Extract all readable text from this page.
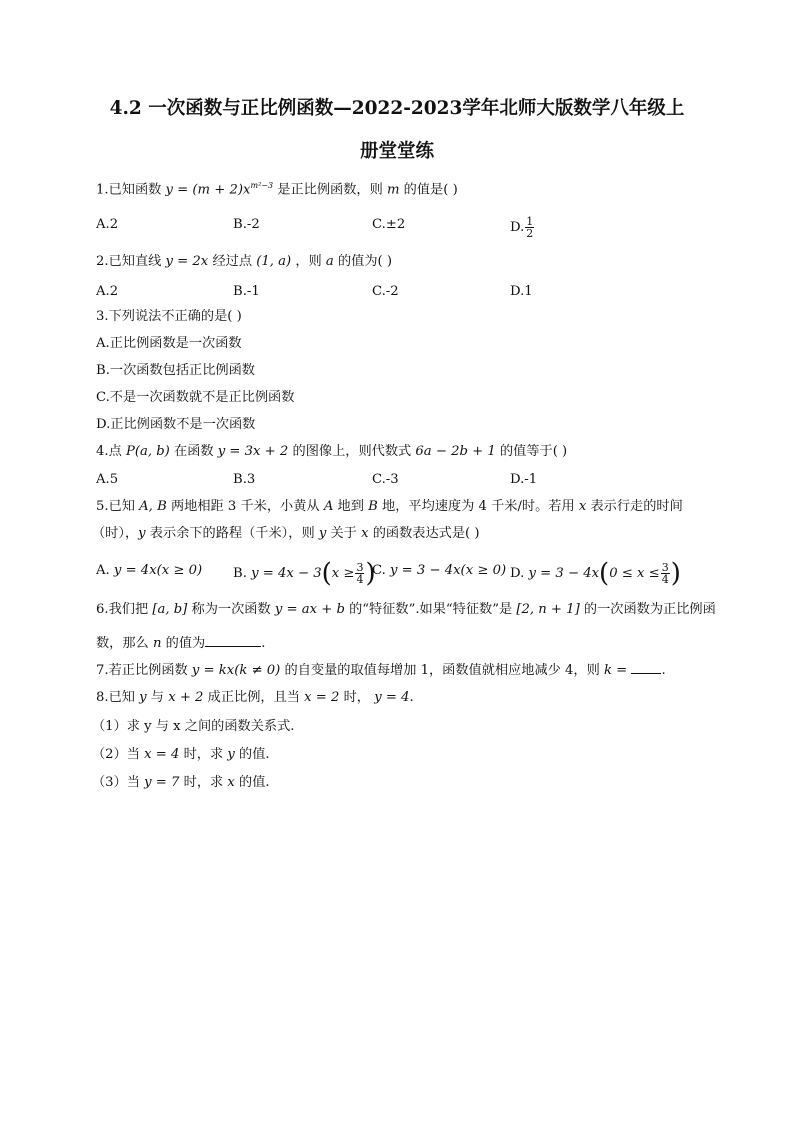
4.2 一次函数与正比例函数—2022-2023学年北师大版数学八年级上
册堂堂练
1.已知函数 $y = (m + 2)x^{m^2-3}$ 是正比例函数，则 m 的值是( )
A.2	B.-2	C.±2	D. $\frac{1}{2}$
2.已知直线 y = 2x 经过点 (1, a) ，则 a 的值为( )
A.2	B.-1	C.-2	D.1
3.下列说法不正确的是( )
A.正比例函数是一次函数
B.一次函数包括正比例函数
C.不是一次函数就不是正比例函数
D.正比例函数不是一次函数
4.点 P(a, b) 在函数 y = 3x + 2 的图像上，则代数式 6a − 2b + 1 的值等于( )
A.5	B.3	C.-3	D.-1
5.已知 A, B 两地相距 3 千米，小黄从 A 地到 B 地，平均速度为 4 千米/时。若用 x 表示行走的时间
（时），y 表示余下的路程（千米），则 y 关于 x 的函数表达式是( )
A. y = 4x(x ≥ 0) B. $y = 4x - 3(x \ge \frac{3}{4}$ )
C. y = 3 − 4x(x ≥ 0) D. $y = 3 - 4x(0 \le x \le \frac{3}{4}$ )
6.我们把 [a, b] 称为一次函数 y = ax + b 的“特征数”.如果“特征数”是 [2, n + 1] 的一次函数为正比例函
数，那么 n 的值为	.
7.若正比例函数 y = kx(k ≠ 0) 的自变量的取值每增加 1，函数值就相应地减少 4，则 k =	.
8.已知 y 与 x + 2 成正比例，且当 x = 2 时， y = 4.
（1）求 y 与 x 之间的函数关系式.
（2）当 x = 4 时，求 y 的值.
（3）当 y = 7 时，求 x 的值.
